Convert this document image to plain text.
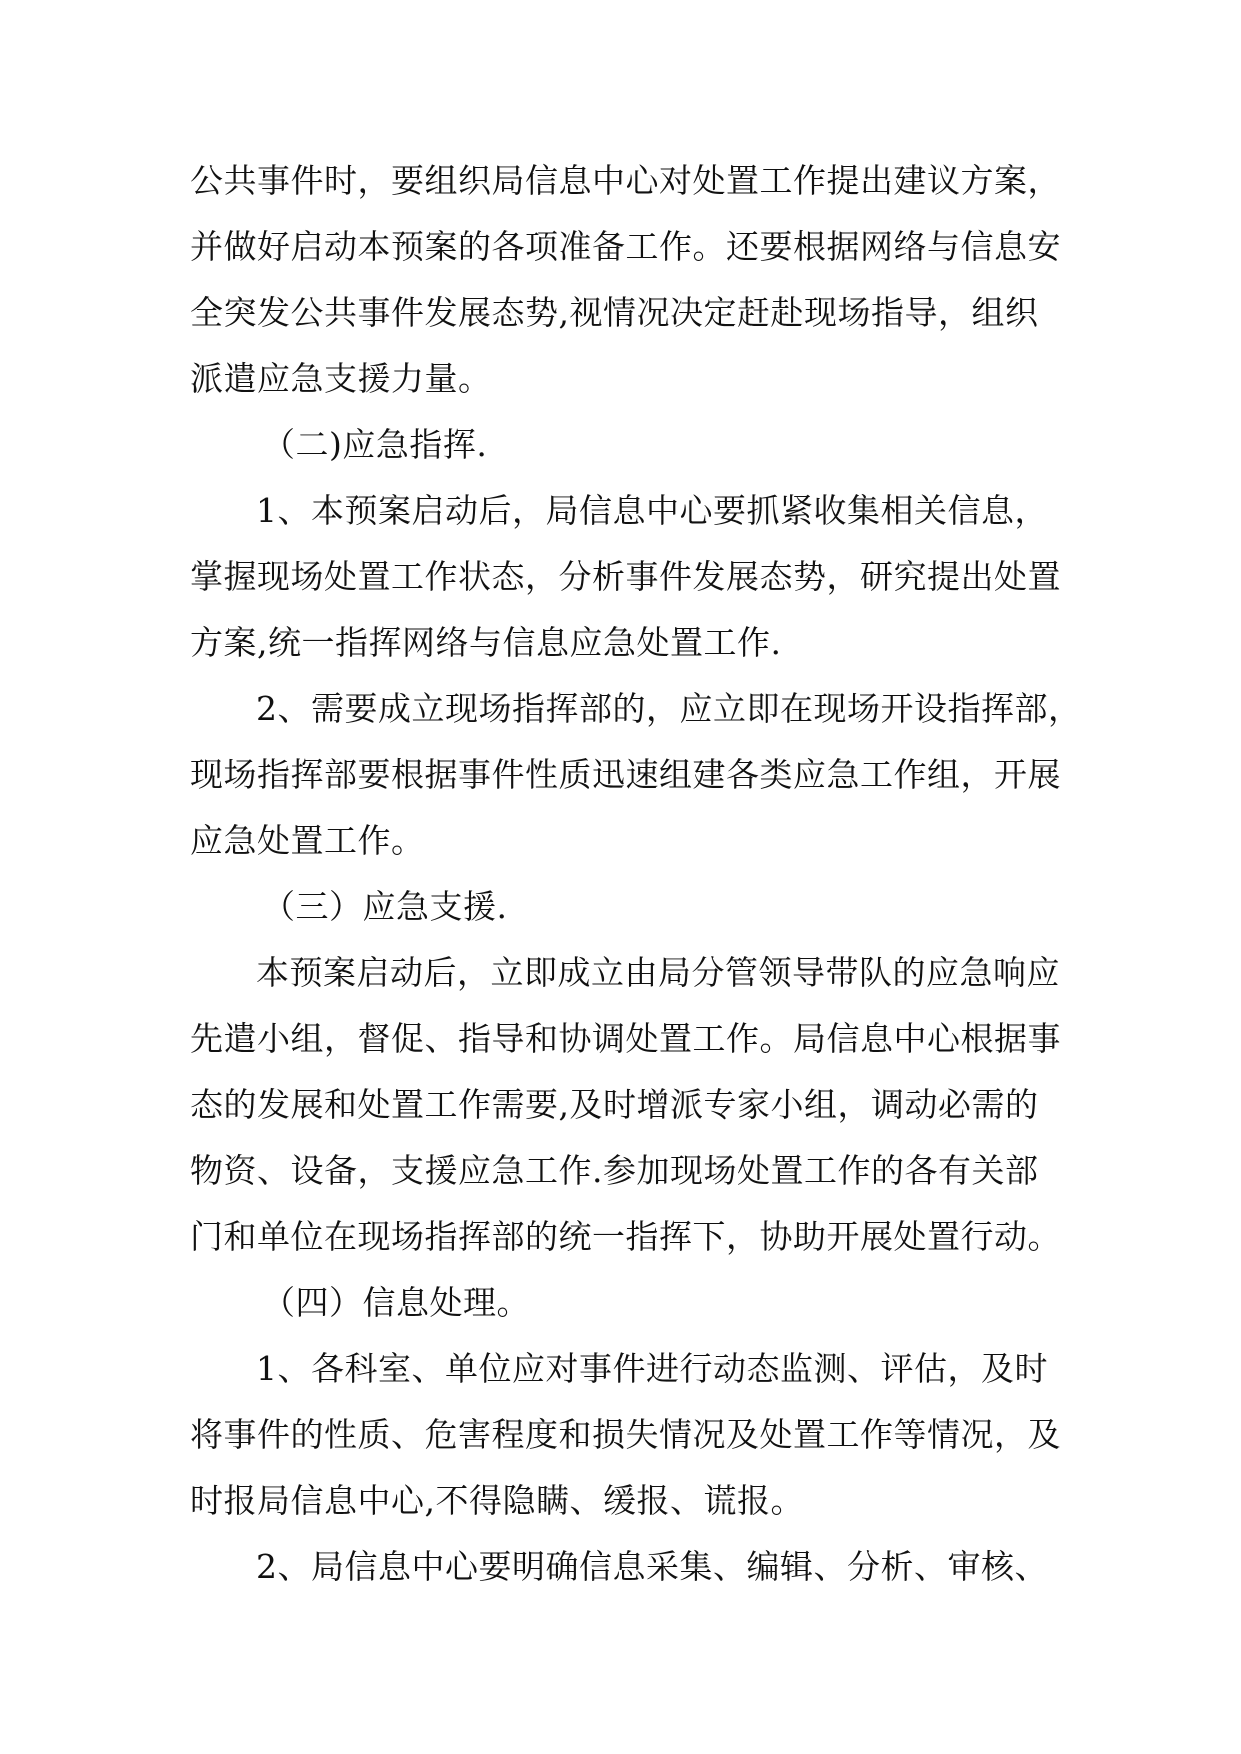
公共事件时，要组织局信息中心对处置工作提出建议方案，
并做好启动本预案的各项准备工作。还要根据网络与信息安
全突发公共事件发展态势,视情况决定赶赴现场指导，组织
派遣应急支援力量。
（二)应急指挥.
1、本预案启动后，局信息中心要抓紧收集相关信息，
掌握现场处置工作状态，分析事件发展态势，研究提出处置
方案,统一指挥网络与信息应急处置工作.
2、需要成立现场指挥部的，应立即在现场开设指挥部，
现场指挥部要根据事件性质迅速组建各类应急工作组，开展
应急处置工作。
（三）应急支援.
本预案启动后，立即成立由局分管领导带队的应急响应
先遣小组，督促、指导和协调处置工作。局信息中心根据事
态的发展和处置工作需要,及时增派专家小组，调动必需的
物资、设备，支援应急工作.参加现场处置工作的各有关部
门和单位在现场指挥部的统一指挥下，协助开展处置行动。
（四）信息处理。
1、各科室、单位应对事件进行动态监测、评估，及时
将事件的性质、危害程度和损失情况及处置工作等情况，及
时报局信息中心,不得隐瞒、缓报、谎报。
2、局信息中心要明确信息采集、编辑、分析、审核、
